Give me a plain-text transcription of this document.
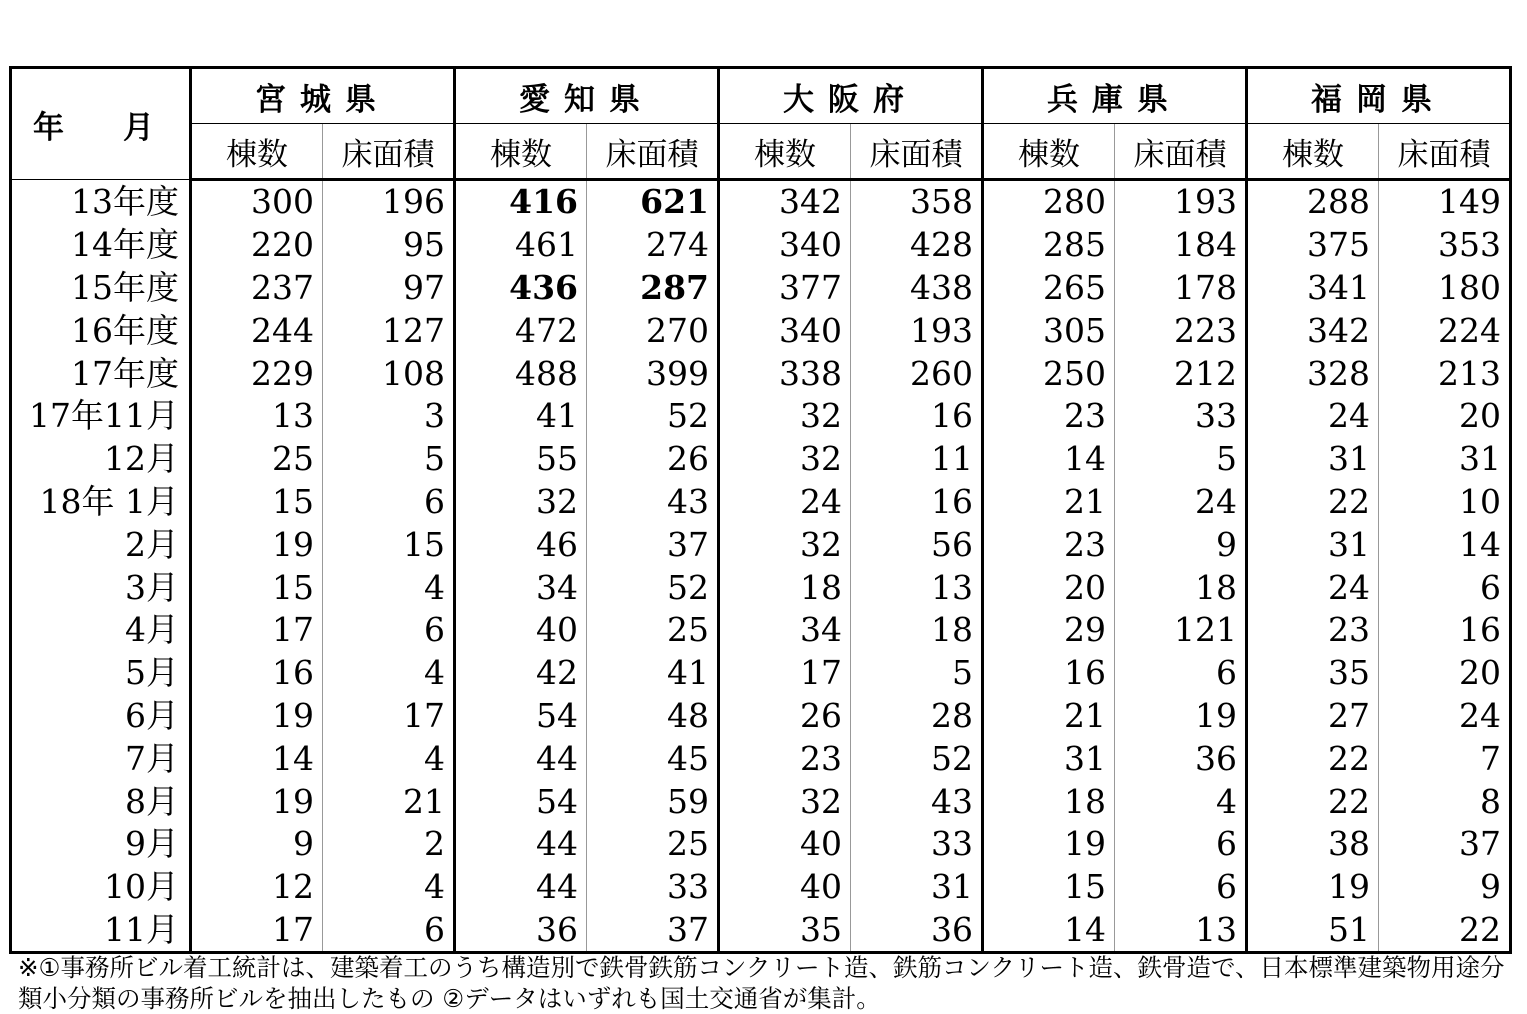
年　月	宮城県		愛知県		大阪府		兵庫県		福岡県	
	棟数	床面積	棟数	床面積	棟数	床面積	棟数	床面積	棟数	床面積
13年度	300	196	416	621	342	358	280	193	288	149
14年度	220	95	461	274	340	428	285	184	375	353
15年度	237	97	436	287	377	438	265	178	341	180
16年度	244	127	472	270	340	193	305	223	342	224
17年度	229	108	488	399	338	260	250	212	328	213
17年11月	13	3	41	52	32	16	23	33	24	20
12月	25	5	55	26	32	11	14	5	31	31
18年 1月	15	6	32	43	24	16	21	24	22	10
2月	19	15	46	37	32	56	23	9	31	14
3月	15	4	34	52	18	13	20	18	24	6
4月	17	6	40	25	34	18	29	121	23	16
5月	16	4	42	41	17	5	16	6	35	20
6月	19	17	54	48	26	28	21	19	27	24
7月	14	4	44	45	23	52	31	36	22	7
8月	19	21	54	59	32	43	18	4	22	8
9月	9	2	44	25	40	33	19	6	38	37
10月	12	4	44	33	40	31	15	6	19	9
11月	17	6	36	37	35	36	14	13	51	22
※①事務所ビル着工統計は、建築着工のうち構造別で鉄骨鉄筋コンクリート造、鉄筋コンクリート造、鉄骨造で、日本標準建築物用途分類小分類の事務所ビルを抽出したもの ②データはいずれも国土交通省が集計。
